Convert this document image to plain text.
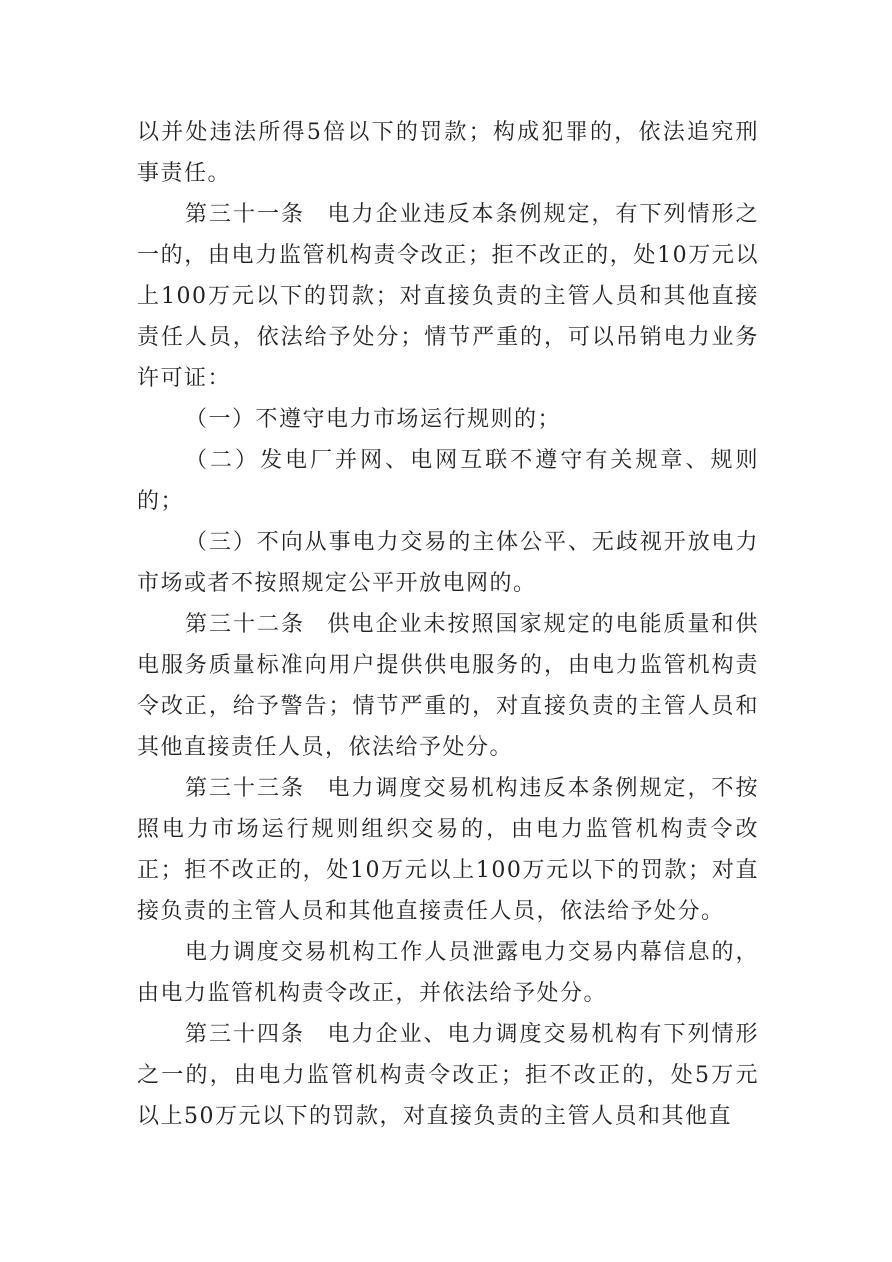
以并处违法所得5倍以下的罚款；构成犯罪的，依法追究刑事责任。

第三十一条 电力企业违反本条例规定，有下列情形之一的，由电力监管机构责令改正；拒不改正的，处10万元以上100万元以下的罚款；对直接负责的主管人员和其他直接责任人员，依法给予处分；情节严重的，可以吊销电力业务许可证：

（一）不遵守电力市场运行规则的；

（二）发电厂并网、电网互联不遵守有关规章、规则的；

（三）不向从事电力交易的主体公平、无歧视开放电力市场或者不按照规定公平开放电网的。

第三十二条 供电企业未按照国家规定的电能质量和供电服务质量标准向用户提供供电服务的，由电力监管机构责令改正，给予警告；情节严重的，对直接负责的主管人员和其他直接责任人员，依法给予处分。

第三十三条 电力调度交易机构违反本条例规定，不按照电力市场运行规则组织交易的，由电力监管机构责令改正；拒不改正的，处10万元以上100万元以下的罚款；对直接负责的主管人员和其他直接责任人员，依法给予处分。

电力调度交易机构工作人员泄露电力交易内幕信息的，由电力监管机构责令改正，并依法给予处分。

第三十四条 电力企业、电力调度交易机构有下列情形之一的，由电力监管机构责令改正；拒不改正的，处5万元以上50万元以下的罚款，对直接负责的主管人员和其他直
